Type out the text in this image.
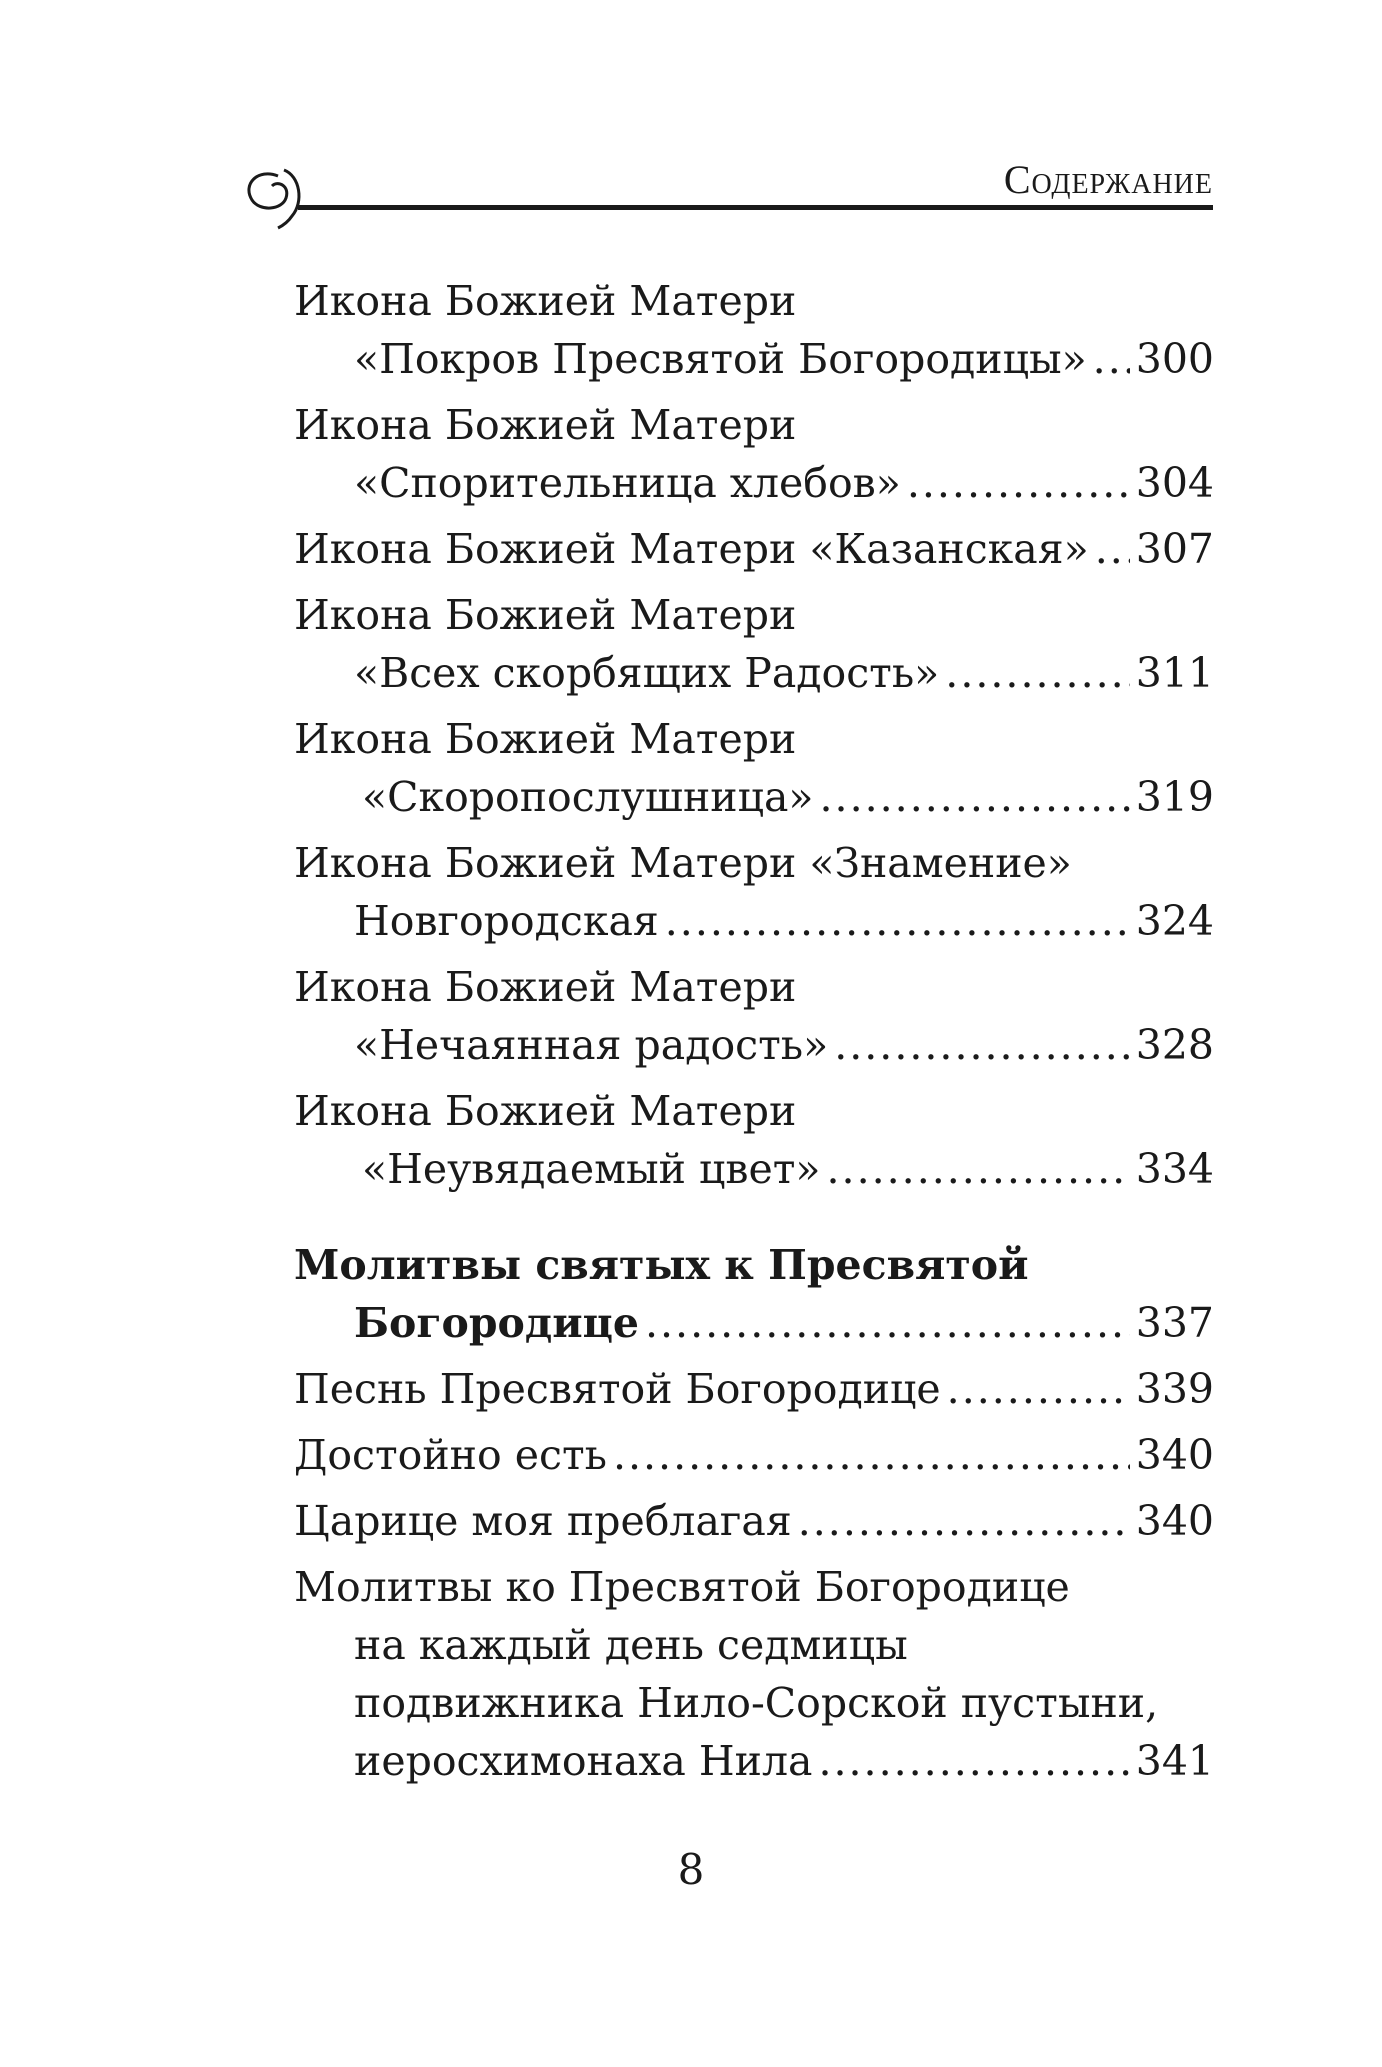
Содержание
Икона Божией Матери
«Покров Пресвятой Богородицы» ..... 300
Икона Божией Матери
«Спорительница хлебов» .....	304
Икона Божией Матери «Казанская» ..... 307
Икона Божией Матери
«Всех скорбящих Радость» .....	311
Икона Божией Матери
«Скоропослушница» .....	319
Икона Божией Матери «Знамение»
Новгородская .....	324
Икона Божией Матери
«Нечаянная радость» .....	328
Икона Божией Матери
«Неувядаемый цвет» .....	334
Молитвы святых к Пресвятой
Богородице .....	337
Песнь Пресвятой Богородице .....	339
Достойно есть .....	340
Царице моя преблагая .....	340
Молитвы ко Пресвятой Богородице
на каждый день седмицы
подвижника Нило-Сорской пустыни,
иеросхимонаха Нила .....	341
8
